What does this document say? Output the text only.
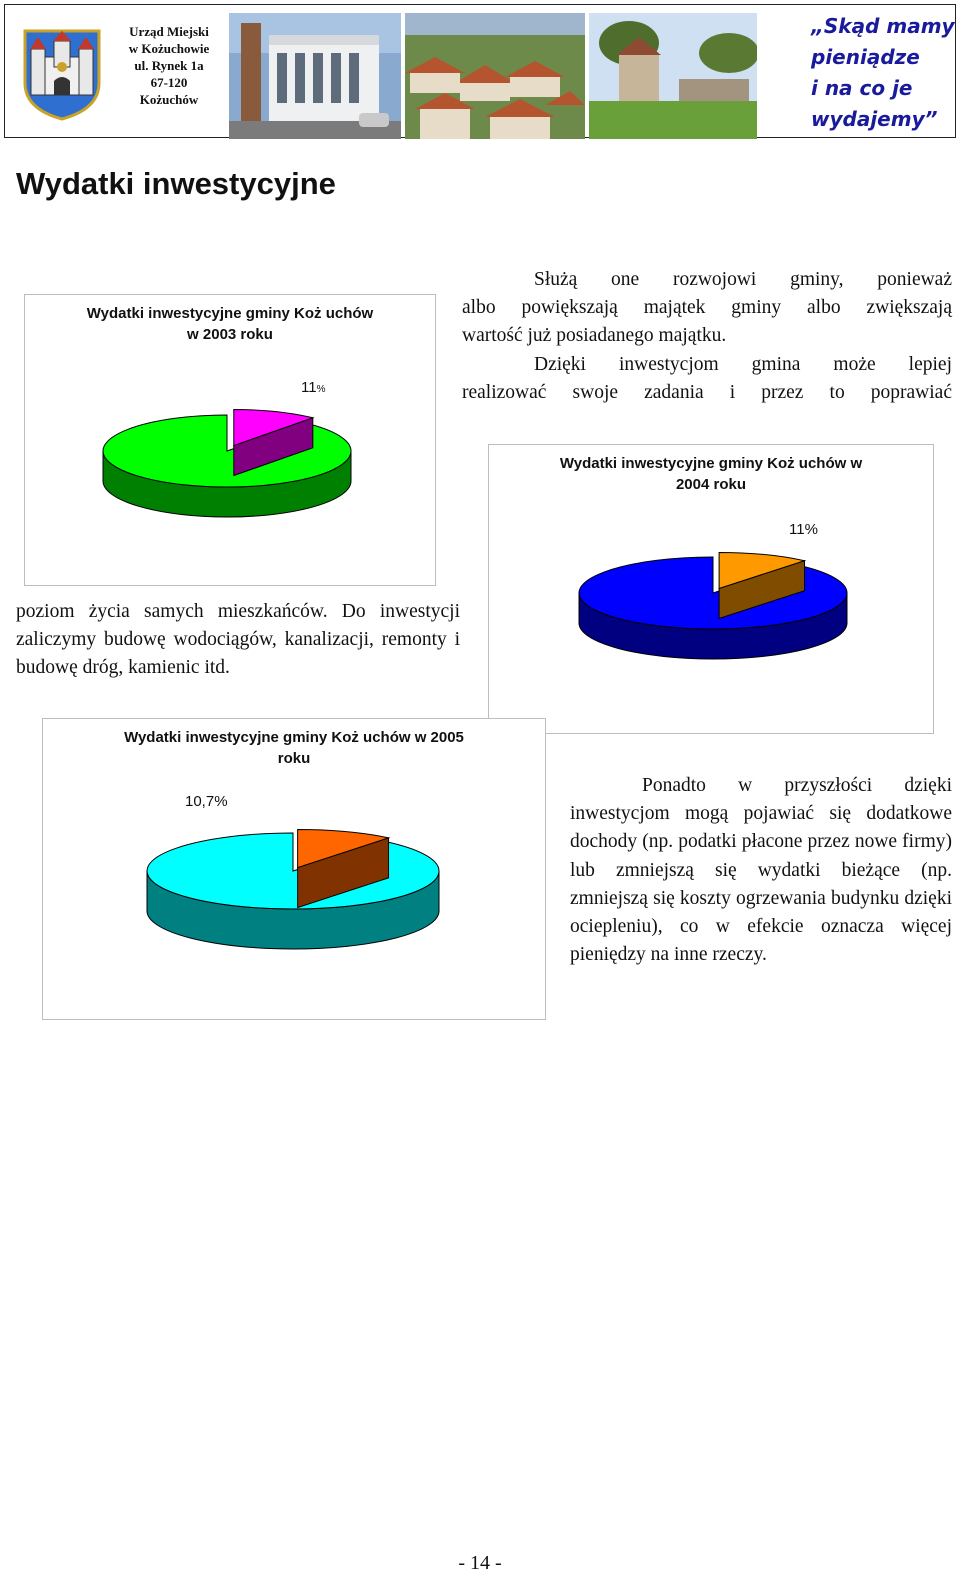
Urząd Miejski
w Kożuchowie
ul. Rynek 1a
67-120
Kożuchów
„Skąd mamy
pieniądze
i na co je
wydajemy”
Wydatki inwestycyjne

Służą one rozwojowi gminy, ponieważ

albo powiększają majątek gminy albo zwiększają

wartość już posiadanego majątku.

Dzięki inwestycjom gmina może lepiej

realizować swoje zadania i przez to poprawiać

Wydatki inwestycyjne gminy Koż uchów
w 2003 roku
11%
Wydatki inwestycyjne gminy Koż uchów w
2004 roku
11%
poziom życia samych mieszkańców. Do inwestycji zaliczymy budowę wodociągów, kanalizacji, remonty i budowę dróg, kamienic itd.
Wydatki inwestycyjne gminy Koż uchów w 2005
roku
10,7%

Ponadto w przyszłości dzięki inwestycjom mogą pojawiać się dodatkowe dochody (np. podatki płacone przez nowe firmy) lub zmniejszą się wydatki bieżące (np. zmniejszą się koszty ogrzewania budynku dzięki ociepleniu), co w efekcie oznacza więcej pieniędzy na inne rzeczy.

- 14 -
